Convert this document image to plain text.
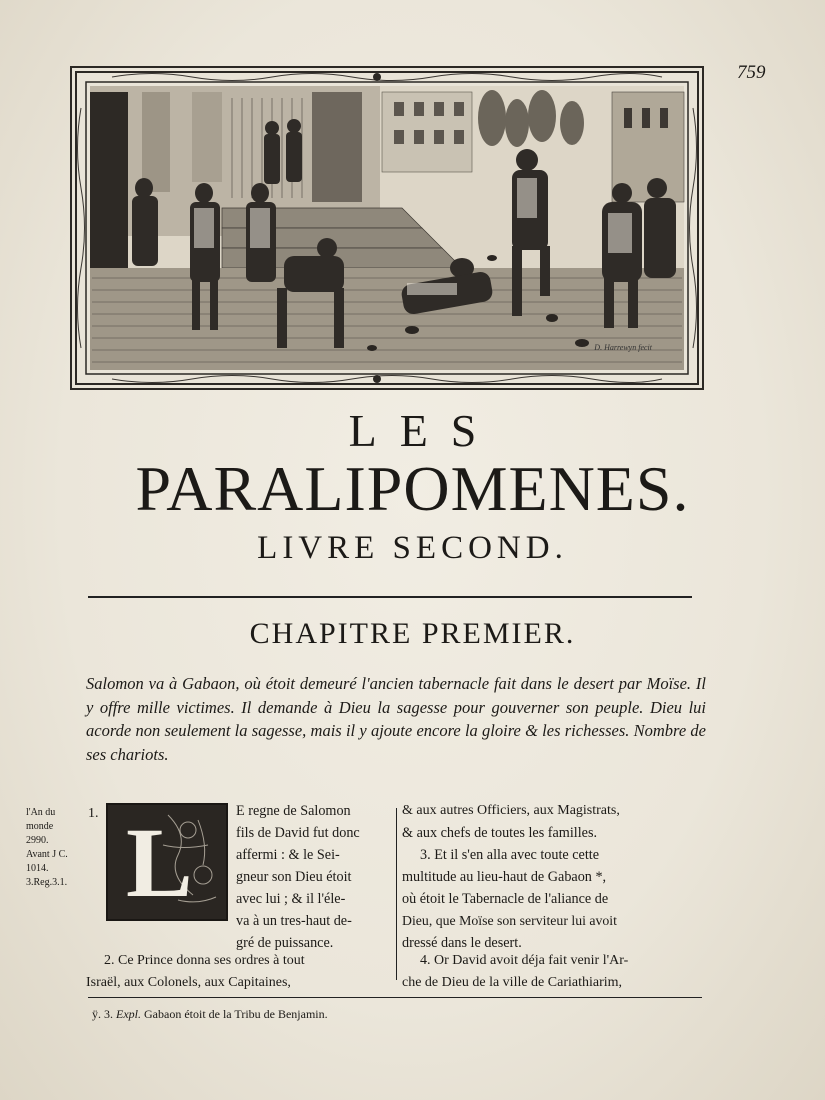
759
D. Harrewyn fecit
LES
PARALIPOMENES.
LIVRE SECOND.
CHAPITRE PREMIER.
Salomon va à Gabaon, où étoit demeuré l'ancien tabernacle fait dans le desert par Moïse. Il y offre mille victimes. Il demande à Dieu la sagesse pour gouverner son peuple. Dieu lui acorde non seulement la sagesse, mais il y ajoute encore la gloire & les richesses. Nombre de ses chariots.
l'An du
monde
2990.
Avant J C.
1014.
3.Reg.3.1.
1. L	E regne de Salomon
fils de David fut donc
affermi : & le Sei-
gneur son Dieu étoit
avec lui ; & il l'éle-
va à un tres-haut de-
gré de puissance.
2. Ce Prince donna ses ordres à tout
Israël, aux Colonels, aux Capitaines,
& aux autres Officiers, aux Magistrats,
& aux chefs de toutes les familles.
3. Et il s'en alla avec toute cette
multitude au lieu-haut de Gabaon *,
où étoit le Tabernacle de l'aliance de
Dieu, que Moïse son serviteur lui avoit
dressé dans le desert.
4. Or David avoit déja fait venir l'Ar-
che de Dieu de la ville de Cariathiarim,
ÿ. 3. Expl. Gabaon étoit de la Tribu de Benjamin.
